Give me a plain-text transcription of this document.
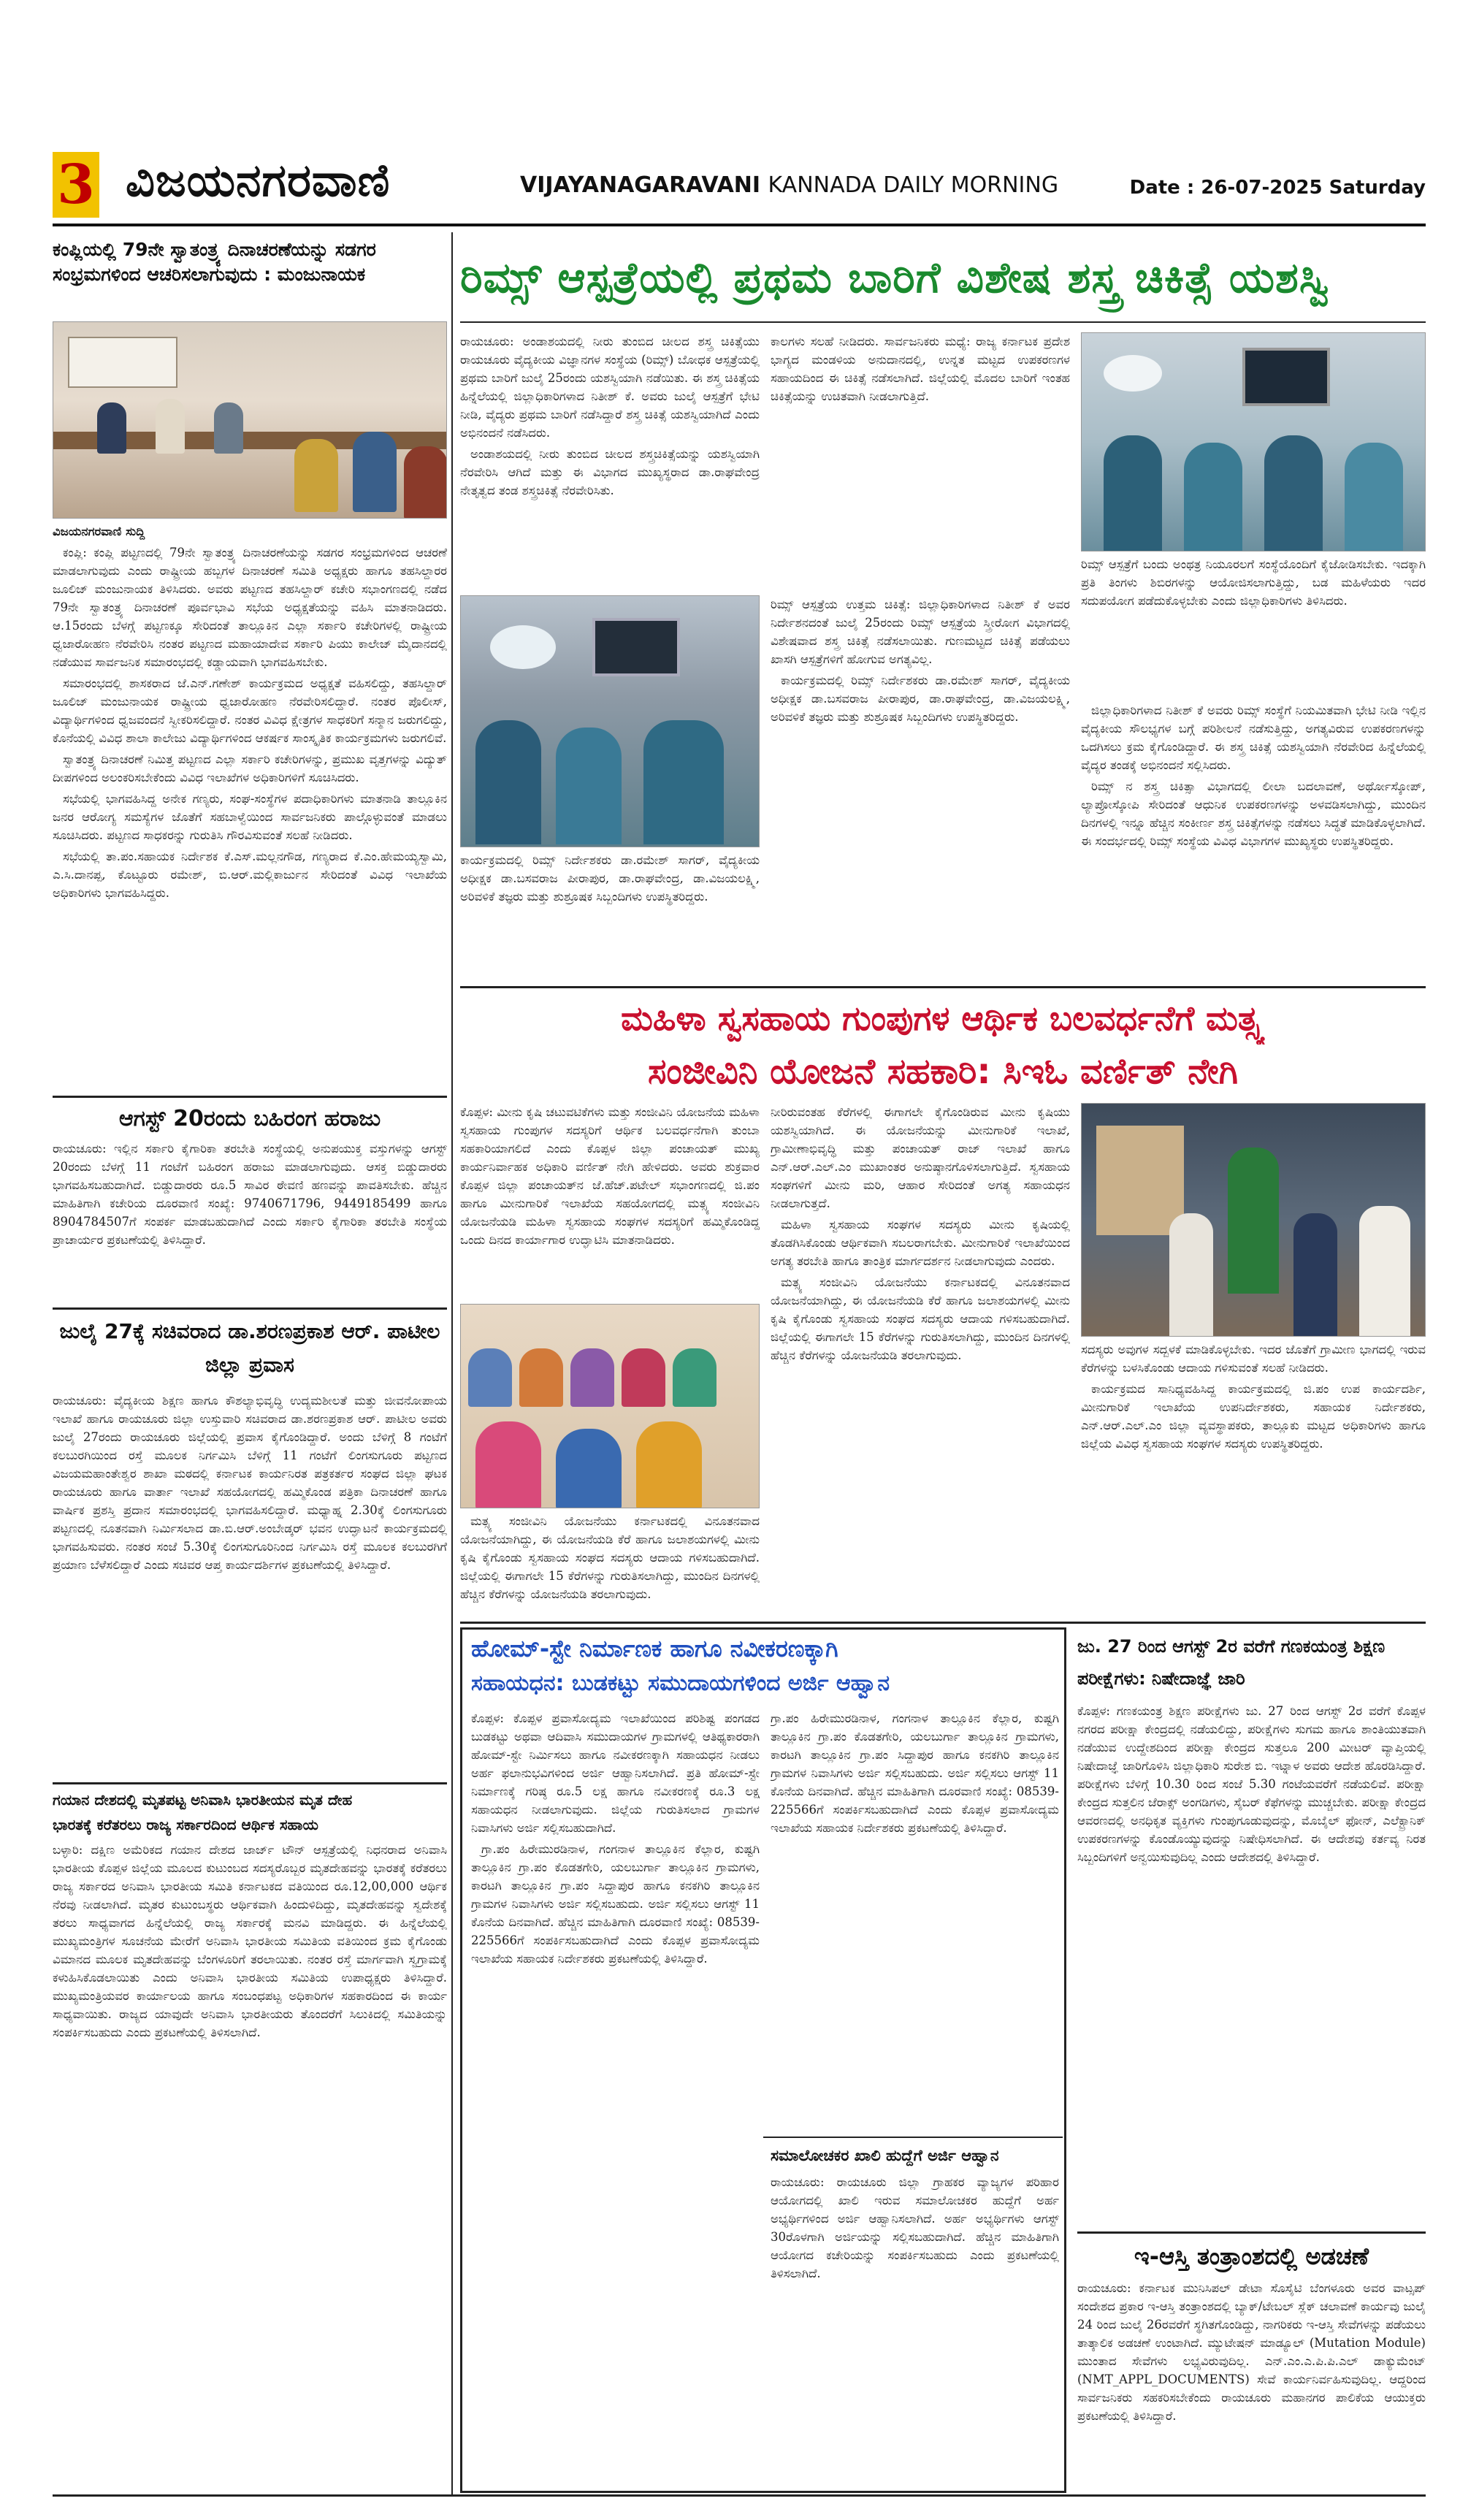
3 ವಿಜಯನಗರವಾಣಿ	VIJAYANAGARAVANI KANNADA DAILY MORNING	Date : 26-07-2025 Saturday
ಕಂಪ್ಲಿಯಲ್ಲಿ 79ನೇ ಸ್ವಾತಂತ್ರ್ಯ ದಿನಾಚರಣೆಯನ್ನು ಸಡಗರ ಸಂಭ್ರಮಗಳಿಂದ ಆಚರಿಸಲಾಗುವುದು : ಮಂಜುನಾಯಕ

ವಿಜಯನಗರವಾಣಿ ಸುದ್ದಿ

ಕಂಪ್ಲಿ: ಕಂಪ್ಲಿ ಪಟ್ಟಣದಲ್ಲಿ 79ನೇ ಸ್ವಾತಂತ್ರ್ಯ ದಿನಾಚರಣೆಯನ್ನು ಸಡಗರ ಸಂಭ್ರಮಗಳಿಂದ ಆಚರಣೆ ಮಾಡಲಾಗುವುದು ಎಂದು ರಾಷ್ಟ್ರೀಯ ಹಬ್ಬಗಳ ದಿನಾಚರಣೆ ಸಮಿತಿ ಅಧ್ಯಕ್ಷರು ಹಾಗೂ ತಹಸಿಲ್ದಾರರ ಜೂಲಿಜ್ ಮಂಜುನಾಯಕ ತಿಳಿಸಿದರು. ಅವರು ಪಟ್ಟಣದ ತಹಸಿಲ್ದಾರ್ ಕಚೇರಿ ಸಭಾಂಗಣದಲ್ಲಿ ನಡೆದ 79ನೇ ಸ್ವಾತಂತ್ರ್ಯ ದಿನಾಚರಣೆ ಪೂರ್ವಭಾವಿ ಸಭೆಯ ಅಧ್ಯಕ್ಷತೆಯನ್ನು ವಹಿಸಿ ಮಾತನಾಡಿದರು. ಆ.15ರಂದು ಬೆಳಗ್ಗೆ ಪಟ್ಟಣಕ್ಕೂ ಸೇರಿದಂತೆ ತಾಲ್ಲೂಕಿನ ಎಲ್ಲಾ ಸರ್ಕಾರಿ ಕಚೇರಿಗಳಲ್ಲಿ ರಾಷ್ಟ್ರೀಯ ಧ್ವಜಾರೋಹಣ ನೆರವೇರಿಸಿ ನಂತರ ಪಟ್ಟಣದ ಮಹಾಯಾದೇವ ಸರ್ಕಾರಿ ಪಿಯು ಕಾಲೇಜ್ ಮೈದಾನದಲ್ಲಿ ನಡೆಯುವ ಸಾರ್ವಜನಿಕ ಸಮಾರಂಭದಲ್ಲಿ ಕಡ್ಡಾಯವಾಗಿ ಭಾಗವಹಿಸಬೇಕು.

ಸಮಾರಂಭದಲ್ಲಿ ಶಾಸಕರಾದ ಜೆ.ಎನ್.ಗಣೇಶ್ ಕಾರ್ಯಕ್ರಮದ ಅಧ್ಯಕ್ಷತೆ ವಹಿಸಲಿದ್ದು, ತಹಸಿಲ್ದಾರ್ ಜೂಲಿಜ್ ಮಂಜುನಾಯಕ ರಾಷ್ಟ್ರೀಯ ಧ್ವಜಾರೋಹಣ ನೆರವೇರಿಸಲಿದ್ದಾರೆ. ನಂತರ ಪೊಲೀಸ್, ವಿದ್ಯಾರ್ಥಿಗಳಿಂದ ಧ್ವಜವಂದನೆ ಸ್ವೀಕರಿಸಲಿದ್ದಾರೆ. ನಂತರ ವಿವಿಧ ಕ್ಷೇತ್ರಗಳ ಸಾಧಕರಿಗೆ ಸನ್ಮಾನ ಜರುಗಲಿದ್ದು, ಕೊನೆಯಲ್ಲಿ ವಿವಿಧ ಶಾಲಾ ಕಾಲೇಜು ವಿದ್ಯಾರ್ಥಿಗಳಿಂದ ಆಕರ್ಷಕ ಸಾಂಸ್ಕೃತಿಕ ಕಾರ್ಯಕ್ರಮಗಳು ಜರುಗಲಿವೆ.

ಸ್ವಾತಂತ್ರ್ಯ ದಿನಾಚರಣೆ ನಿಮಿತ್ತ ಪಟ್ಟಣದ ಎಲ್ಲಾ ಸರ್ಕಾರಿ ಕಚೇರಿಗಳನ್ನು, ಪ್ರಮುಖ ವೃತ್ತಗಳನ್ನು ವಿದ್ಯುತ್ ದೀಪಗಳಿಂದ ಅಲಂಕರಿಸಬೇಕೆಂದು ವಿವಿಧ ಇಲಾಖೆಗಳ ಅಧಿಕಾರಿಗಳಿಗೆ ಸೂಚಿಸಿದರು.

ಸಭೆಯಲ್ಲಿ ಭಾಗವಹಿಸಿದ್ದ ಅನೇಕ ಗಣ್ಯರು, ಸಂಘ-ಸಂಸ್ಥೆಗಳ ಪದಾಧಿಕಾರಿಗಳು ಮಾತನಾಡಿ ತಾಲ್ಲೂಕಿನ ಜನರ ಆರೋಗ್ಯ ಸಮಸ್ಯೆಗಳ ಜೊತೆಗೆ ಸಹಬಾಳ್ವೆಯಿಂದ ಸಾರ್ವಜನಿಕರು ಪಾಲ್ಗೊಳ್ಳುವಂತೆ ಮಾಡಲು ಸೂಚಿಸಿದರು. ಪಟ್ಟಣದ ಸಾಧಕರನ್ನು ಗುರುತಿಸಿ ಗೌರವಿಸುವಂತೆ ಸಲಹೆ ನೀಡಿದರು.

ಸಭೆಯಲ್ಲಿ ತಾ.ಪಂ.ಸಹಾಯಕ ನಿರ್ದೇಶಕ ಕೆ.ಎಸ್.ಮಲ್ಲನಗೌಡ, ಗಣ್ಯರಾದ ಕೆ.ಎಂ.ಹೇಮಯ್ಯಸ್ವಾಮಿ, ಎ.ಸಿ.ದಾನಪ್ಪ, ಕೊಟ್ಟೂರು ರಮೇಶ್, ಬಿ.ಆರ್.ಮಲ್ಲಿಕಾರ್ಜುನ ಸೇರಿದಂತೆ ವಿವಿಧ ಇಲಾಖೆಯ ಅಧಿಕಾರಿಗಳು ಭಾಗವಹಿಸಿದ್ದರು.

ಆಗಸ್ಟ್ 20ರಂದು ಬಹಿರಂಗ ಹರಾಜು

ರಾಯಚೂರು: ಇಲ್ಲಿನ ಸರ್ಕಾರಿ ಕೈಗಾರಿಕಾ ತರಬೇತಿ ಸಂಸ್ಥೆಯಲ್ಲಿ ಅನುಪಯುಕ್ತ ವಸ್ತುಗಳನ್ನು ಆಗಸ್ಟ್ 20ರಂದು ಬೆಳಗ್ಗೆ 11 ಗಂಟೆಗೆ ಬಹಿರಂಗ ಹರಾಜು ಮಾಡಲಾಗುವುದು. ಆಸಕ್ತ ಬಿಡ್ಡುದಾರರು ಭಾಗವಹಿಸಬಹುದಾಗಿದೆ. ಬಿಡ್ಡುದಾರರು ರೂ.5 ಸಾವಿರ ಠೇವಣಿ ಹಣವನ್ನು ಪಾವತಿಸಬೇಕು. ಹೆಚ್ಚಿನ ಮಾಹಿತಿಗಾಗಿ ಕಚೇರಿಯ ದೂರವಾಣಿ ಸಂಖ್ಯೆ: 9740671796, 9449185499 ಹಾಗೂ 8904784507ಗೆ ಸಂಪರ್ಕ ಮಾಡಬಹುದಾಗಿದೆ ಎಂದು ಸರ್ಕಾರಿ ಕೈಗಾರಿಕಾ ತರಬೇತಿ ಸಂಸ್ಥೆಯ ಪ್ರಾಚಾರ್ಯರ ಪ್ರಕಟಣೆಯಲ್ಲಿ ತಿಳಿಸಿದ್ದಾರೆ.

ಜುಲೈ 27ಕ್ಕೆ ಸಚಿವರಾದ ಡಾ.ಶರಣಪ್ರಕಾಶ ಆರ್. ಪಾಟೀಲ ಜಿಲ್ಲಾ ಪ್ರವಾಸ

ರಾಯಚೂರು: ವೈದ್ಯಕೀಯ ಶಿಕ್ಷಣ ಹಾಗೂ ಕೌಶಲ್ಯಾಭಿವೃದ್ಧಿ ಉದ್ಯಮಶೀಲತೆ ಮತ್ತು ಜೀವನೋಪಾಯ ಇಲಾಖೆ ಹಾಗೂ ರಾಯಚೂರು ಜಿಲ್ಲಾ ಉಸ್ತುವಾರಿ ಸಚಿವರಾದ ಡಾ.ಶರಣಪ್ರಕಾಶ ಆರ್. ಪಾಟೀಲ ಅವರು ಜುಲೈ 27ರಂದು ರಾಯಚೂರು ಜಿಲ್ಲೆಯಲ್ಲಿ ಪ್ರವಾಸ ಕೈಗೊಂಡಿದ್ದಾರೆ. ಅಂದು ಬೆಳಿಗ್ಗೆ 8 ಗಂಟೆಗೆ ಕಲಬುರಗಿಯಿಂದ ರಸ್ತೆ ಮೂಲಕ ನಿರ್ಗಮಿಸಿ ಬೆಳಿಗ್ಗೆ 11 ಗಂಟೆಗೆ ಲಿಂಗಸುಗೂರು ಪಟ್ಟಣದ ವಿಜಯಮಹಾಂತೇಶ್ವರ ಶಾಖಾ ಮಠದಲ್ಲಿ ಕರ್ನಾಟಕ ಕಾರ್ಯನಿರತ ಪತ್ರಕರ್ತರ ಸಂಘದ ಜಿಲ್ಲಾ ಘಟಕ ರಾಯಚೂರು ಹಾಗೂ ವಾರ್ತಾ ಇಲಾಖೆ ಸಹಯೋಗದಲ್ಲಿ ಹಮ್ಮಿಕೊಂಡ ಪತ್ರಿಕಾ ದಿನಾಚರಣೆ ಹಾಗೂ ವಾರ್ಷಿಕ ಪ್ರಶಸ್ತಿ ಪ್ರದಾನ ಸಮಾರಂಭದಲ್ಲಿ ಭಾಗವಹಿಸಲಿದ್ದಾರೆ. ಮಧ್ಯಾಹ್ನ 2.30ಕ್ಕೆ ಲಿಂಗಸುಗೂರು ಪಟ್ಟಣದಲ್ಲಿ ನೂತನವಾಗಿ ನಿರ್ಮಿಸಲಾದ ಡಾ.ಬಿ.ಆರ್.ಅಂಬೇಡ್ಕರ್ ಭವನ ಉದ್ಘಾಟನೆ ಕಾರ್ಯಕ್ರಮದಲ್ಲಿ ಭಾಗವಹಿಸುವರು. ನಂತರ ಸಂಜೆ 5.30ಕ್ಕೆ ಲಿಂಗಸುಗೂರಿನಿಂದ ನಿರ್ಗಮಿಸಿ ರಸ್ತೆ ಮೂಲಕ ಕಲಬುರಗಿಗೆ ಪ್ರಯಾಣ ಬೆಳೆಸಲಿದ್ದಾರೆ ಎಂದು ಸಚಿವರ ಆಪ್ತ ಕಾರ್ಯದರ್ಶಿಗಳ ಪ್ರಕಟಣೆಯಲ್ಲಿ ತಿಳಿಸಿದ್ದಾರೆ.

ಗಯಾನ ದೇಶದಲ್ಲಿ ಮೃತಪಟ್ಟ ಅನಿವಾಸಿ ಭಾರತೀಯನ ಮೃತ ದೇಹ
ಭಾರತಕ್ಕೆ ಕರೆತರಲು ರಾಜ್ಯ ಸರ್ಕಾರದಿಂದ ಆರ್ಥಿಕ ಸಹಾಯ

ಬಳ್ಳಾರಿ: ದಕ್ಷಿಣ ಅಮೆರಿಕದ ಗಯಾನ ದೇಶದ ಜಾರ್ಜ್ ಟೌನ್ ಆಸ್ಪತ್ರೆಯಲ್ಲಿ ನಿಧನರಾದ ಅನಿವಾಸಿ ಭಾರತೀಯ ಕೊಪ್ಪಳ ಜಿಲ್ಲೆಯ ಮೂಲದ ಕುಟುಂಬದ ಸದಸ್ಯರೊಬ್ಬರ ಮೃತದೇಹವನ್ನು ಭಾರತಕ್ಕೆ ಕರೆತರಲು ರಾಜ್ಯ ಸರ್ಕಾರದ ಅನಿವಾಸಿ ಭಾರತೀಯ ಸಮಿತಿ ಕರ್ನಾಟಕದ ವತಿಯಿಂದ ರೂ.12,00,000 ಆರ್ಥಿಕ ನೆರವು ನೀಡಲಾಗಿದೆ. ಮೃತರ ಕುಟುಂಬಸ್ಥರು ಆರ್ಥಿಕವಾಗಿ ಹಿಂದುಳಿದಿದ್ದು, ಮೃತದೇಹವನ್ನು ಸ್ವದೇಶಕ್ಕೆ ತರಲು ಸಾಧ್ಯವಾಗದ ಹಿನ್ನೆಲೆಯಲ್ಲಿ ರಾಜ್ಯ ಸರ್ಕಾರಕ್ಕೆ ಮನವಿ ಮಾಡಿದ್ದರು. ಈ ಹಿನ್ನೆಲೆಯಲ್ಲಿ ಮುಖ್ಯಮಂತ್ರಿಗಳ ಸೂಚನೆಯ ಮೇರೆಗೆ ಅನಿವಾಸಿ ಭಾರತೀಯ ಸಮಿತಿಯ ವತಿಯಿಂದ ಕ್ರಮ ಕೈಗೊಂಡು ವಿಮಾನದ ಮೂಲಕ ಮೃತದೇಹವನ್ನು ಬೆಂಗಳೂರಿಗೆ ತರಲಾಯಿತು. ನಂತರ ರಸ್ತೆ ಮಾರ್ಗವಾಗಿ ಸ್ವಗ್ರಾಮಕ್ಕೆ ಕಳುಹಿಸಿಕೊಡಲಾಯಿತು ಎಂದು ಅನಿವಾಸಿ ಭಾರತೀಯ ಸಮಿತಿಯ ಉಪಾಧ್ಯಕ್ಷರು ತಿಳಿಸಿದ್ದಾರೆ. ಮುಖ್ಯಮಂತ್ರಿಯವರ ಕಾರ್ಯಾಲಯ ಹಾಗೂ ಸಂಬಂಧಪಟ್ಟ ಅಧಿಕಾರಿಗಳ ಸಹಕಾರದಿಂದ ಈ ಕಾರ್ಯ ಸಾಧ್ಯವಾಯಿತು. ರಾಜ್ಯದ ಯಾವುದೇ ಅನಿವಾಸಿ ಭಾರತೀಯರು ತೊಂದರೆಗೆ ಸಿಲುಕಿದಲ್ಲಿ ಸಮಿತಿಯನ್ನು ಸಂಪರ್ಕಿಸಬಹುದು ಎಂದು ಪ್ರಕಟಣೆಯಲ್ಲಿ ತಿಳಿಸಲಾಗಿದೆ.

ರಿಮ್ಸ್ ಆಸ್ಪತ್ರೆಯಲ್ಲಿ ಪ್ರಥಮ ಬಾರಿಗೆ ವಿಶೇಷ ಶಸ್ತ್ರ ಚಿಕಿತ್ಸೆ ಯಶಸ್ವಿ

ರಾಯಚೂರು: ಅಂಡಾಶಯದಲ್ಲಿ ನೀರು ತುಂಬಿದ ಚೀಲದ ಶಸ್ತ್ರ ಚಿಕಿತ್ಸೆಯು ರಾಯಚೂರು ವೈದ್ಯಕೀಯ ವಿಜ್ಞಾನಗಳ ಸಂಸ್ಥೆಯ (ರಿಮ್ಸ್) ಬೋಧಕ ಆಸ್ಪತ್ರೆಯಲ್ಲಿ ಪ್ರಥಮ ಬಾರಿಗೆ ಜುಲೈ 25ರಂದು ಯಶಸ್ವಿಯಾಗಿ ನಡೆಯಿತು. ಈ ಶಸ್ತ್ರ ಚಿಕಿತ್ಸೆಯ ಹಿನ್ನೆಲೆಯಲ್ಲಿ ಜಿಲ್ಲಾಧಿಕಾರಿಗಳಾದ ನಿತೀಶ್ ಕೆ. ಅವರು ಜುಲೈ ಆಸ್ಪತ್ರೆಗೆ ಭೇಟಿ ನೀಡಿ, ವೈದ್ಯರು ಪ್ರಥಮ ಬಾರಿಗೆ ನಡೆಸಿದ್ದಾರೆ ಶಸ್ತ್ರ ಚಿಕಿತ್ಸೆ ಯಶಸ್ವಿಯಾಗಿದೆ ಎಂದು ಅಭಿನಂದನೆ ನಡೆಸಿದರು.

ಅಂಡಾಶಯದಲ್ಲಿ ನೀರು ತುಂಬಿದ ಚೀಲದ ಶಸ್ತ್ರಚಿಕಿತ್ಸೆಯನ್ನು ಯಶಸ್ವಿಯಾಗಿ ನೆರವೇರಿಸಿ ಆಗಿದೆ ಮತ್ತು ಈ ವಿಭಾಗದ ಮುಖ್ಯಸ್ಥರಾದ ಡಾ.ರಾಘವೇಂದ್ರ ನೇತೃತ್ವದ ತಂಡ ಶಸ್ತ್ರಚಿಕಿತ್ಸೆ ನೆರವೇರಿಸಿತು.

ಕಾಲಗಳು ಸಲಹೆ ನೀಡಿದರು. ಸಾರ್ವಜನಿಕರು ಮಧ್ಯೆ: ರಾಜ್ಯ ಕರ್ನಾಟಕ ಪ್ರದೇಶ ಭಾಗ್ಯದ ಮಂಡಳಿಯ ಅನುದಾನದಲ್ಲಿ, ಉನ್ನತ ಮಟ್ಟದ ಉಪಕರಣಗಳ ಸಹಾಯದಿಂದ ಈ ಚಿಕಿತ್ಸೆ ನಡೆಸಲಾಗಿದೆ. ಜಿಲ್ಲೆಯಲ್ಲಿ ಮೊದಲ ಬಾರಿಗೆ ಇಂತಹ ಚಿಕಿತ್ಸೆಯನ್ನು ಉಚಿತವಾಗಿ ನೀಡಲಾಗುತ್ತಿದೆ.

ರಿಮ್ಸ್ ಆಸ್ಪತ್ರೆಯ ಉತ್ತಮ ಚಿಕಿತ್ಸೆ: ಜಿಲ್ಲಾಧಿಕಾರಿಗಳಾದ ನಿತೀಶ್ ಕೆ ಅವರ ನಿರ್ದೇಶನದಂತೆ ಜುಲೈ 25ರಂದು ರಿಮ್ಸ್ ಆಸ್ಪತ್ರೆಯ ಸ್ತ್ರೀರೋಗ ವಿಭಾಗದಲ್ಲಿ ವಿಶೇಷವಾದ ಶಸ್ತ್ರ ಚಿಕಿತ್ಸೆ ನಡೆಸಲಾಯಿತು. ಗುಣಮಟ್ಟದ ಚಿಕಿತ್ಸೆ ಪಡೆಯಲು ಖಾಸಗಿ ಆಸ್ಪತ್ರೆಗಳಿಗೆ ಹೋಗುವ ಅಗತ್ಯವಿಲ್ಲ.

ಕಾರ್ಯಕ್ರಮದಲ್ಲಿ ರಿಮ್ಸ್ ನಿರ್ದೇಶಕರು ಡಾ.ರಮೇಶ್ ಸಾಗರ್, ವೈದ್ಯಕೀಯ ಅಧೀಕ್ಷಕ ಡಾ.ಬಸವರಾಜ ಪೀರಾಪುರ, ಡಾ.ರಾಘವೇಂದ್ರ, ಡಾ.ವಿಜಯಲಕ್ಷ್ಮಿ, ಅರಿವಳಿಕೆ ತಜ್ಞರು ಮತ್ತು ಶುಶ್ರೂಷಕ ಸಿಬ್ಬಂದಿಗಳು ಉಪಸ್ಥಿತರಿದ್ದರು.

ಕಾರ್ಯಕ್ರಮದಲ್ಲಿ ರಿಮ್ಸ್ ನಿರ್ದೇಶಕರು ಡಾ.ರಮೇಶ್ ಸಾಗರ್, ವೈದ್ಯಕೀಯ ಅಧೀಕ್ಷಕ ಡಾ.ಬಸವರಾಜ ಪೀರಾಪುರ, ಡಾ.ರಾಘವೇಂದ್ರ, ಡಾ.ವಿಜಯಲಕ್ಷ್ಮಿ, ಅರಿವಳಿಕೆ ತಜ್ಞರು ಮತ್ತು ಶುಶ್ರೂಷಕ ಸಿಬ್ಬಂದಿಗಳು ಉಪಸ್ಥಿತರಿದ್ದರು.

ರಿಮ್ಸ್ ಆಸ್ಪತ್ರೆಗೆ ಬಂದು ಅಂಥತ್ರ ನಿಯೂರಲಗೆ ಸಂಸ್ಥೆಯೊಂದಿಗೆ ಕೈಜೋಡಿಸಬೇಕು. ಇದಕ್ಕಾಗಿ ಪ್ರತಿ ತಿಂಗಳು ಶಿಬಿರಗಳನ್ನು ಆಯೋಜಿಸಲಾಗುತ್ತಿದ್ದು, ಬಡ ಮಹಿಳೆಯರು ಇದರ ಸದುಪಯೋಗ ಪಡೆದುಕೊಳ್ಳಬೇಕು ಎಂದು ಜಿಲ್ಲಾಧಿಕಾರಿಗಳು ತಿಳಿಸಿದರು.

ಜಿಲ್ಲಾಧಿಕಾರಿಗಳಾದ ನಿತೀಶ್ ಕೆ ಅವರು ರಿಮ್ಸ್ ಸಂಸ್ಥೆಗೆ ನಿಯಮಿತವಾಗಿ ಭೇಟಿ ನೀಡಿ ಇಲ್ಲಿನ ವೈದ್ಯಕೀಯ ಸೌಲಭ್ಯಗಳ ಬಗ್ಗೆ ಪರಿಶೀಲನೆ ನಡೆಸುತ್ತಿದ್ದು, ಅಗತ್ಯವಿರುವ ಉಪಕರಣಗಳನ್ನು ಒದಗಿಸಲು ಕ್ರಮ ಕೈಗೊಂಡಿದ್ದಾರೆ. ಈ ಶಸ್ತ್ರ ಚಿಕಿತ್ಸೆ ಯಶಸ್ವಿಯಾಗಿ ನೆರವೇರಿದ ಹಿನ್ನೆಲೆಯಲ್ಲಿ ವೈದ್ಯರ ತಂಡಕ್ಕೆ ಅಭಿನಂದನೆ ಸಲ್ಲಿಸಿದರು.

ರಿಮ್ಸ್ ನ ಶಸ್ತ್ರ ಚಿಕಿತ್ಸಾ ವಿಭಾಗದಲ್ಲಿ ಲೀಲಾ ಬದಲಾವಣೆ, ಅರ್ಥೋಸ್ಕೋಪ್, ಲ್ಯಾಪ್ರೋಸ್ಕೋಪಿ ಸೇರಿದಂತೆ ಆಧುನಿಕ ಉಪಕರಣಗಳನ್ನು ಅಳವಡಿಸಲಾಗಿದ್ದು, ಮುಂದಿನ ದಿನಗಳಲ್ಲಿ ಇನ್ನೂ ಹೆಚ್ಚಿನ ಸಂಕೀರ್ಣ ಶಸ್ತ್ರ ಚಿಕಿತ್ಸೆಗಳನ್ನು ನಡೆಸಲು ಸಿದ್ಧತೆ ಮಾಡಿಕೊಳ್ಳಲಾಗಿದೆ. ಈ ಸಂದರ್ಭದಲ್ಲಿ ರಿಮ್ಸ್ ಸಂಸ್ಥೆಯ ವಿವಿಧ ವಿಭಾಗಗಳ ಮುಖ್ಯಸ್ಥರು ಉಪಸ್ಥಿತರಿದ್ದರು.

ಮಹಿಳಾ ಸ್ವಸಹಾಯ ಗುಂಪುಗಳ ಆರ್ಥಿಕ ಬಲವರ್ಧನೆಗೆ ಮತ್ಸ್ಯ
ಸಂಜೀವಿನಿ ಯೋಜನೆ ಸಹಕಾರಿ: ಸಿಇಓ ವರ್ಣಿತ್ ನೇಗಿ

ಕೊಪ್ಪಳ: ಮೀನು ಕೃಷಿ ಚಟುವಟಿಕೆಗಳು ಮತ್ತು ಸಂಜೀವಿನಿ ಯೋಜನೆಯ ಮಹಿಳಾ ಸ್ವಸಹಾಯ ಗುಂಪುಗಳ ಸದಸ್ಯರಿಗೆ ಆರ್ಥಿಕ ಬಲವರ್ಧನೆಗಾಗಿ ತುಂಬಾ ಸಹಕಾರಿಯಾಗಲಿದೆ ಎಂದು ಕೊಪ್ಪಳ ಜಿಲ್ಲಾ ಪಂಚಾಯತ್ ಮುಖ್ಯ ಕಾರ್ಯನಿರ್ವಾಹಕ ಅಧಿಕಾರಿ ವರ್ಣಿತ್ ನೇಗಿ ಹೇಳಿದರು. ಅವರು ಶುಕ್ರವಾರ ಕೊಪ್ಪಳ ಜಿಲ್ಲಾ ಪಂಚಾಯತ್‌ನ ಜೆ.ಹೆಚ್.ಪಟೇಲ್ ಸಭಾಂಗಣದಲ್ಲಿ ಜಿ.ಪಂ ಹಾಗೂ ಮೀನುಗಾರಿಕೆ ಇಲಾಖೆಯ ಸಹಯೋಗದಲ್ಲಿ ಮತ್ಸ್ಯ ಸಂಜೀವಿನಿ ಯೋಜನೆಯಡಿ ಮಹಿಳಾ ಸ್ವಸಹಾಯ ಸಂಘಗಳ ಸದಸ್ಯರಿಗೆ ಹಮ್ಮಿಕೊಂಡಿದ್ದ ಒಂದು ದಿನದ ಕಾರ್ಯಾಗಾರ ಉದ್ಘಾಟಿಸಿ ಮಾತನಾಡಿದರು.

ಮತ್ಸ್ಯ ಸಂಜೀವಿನಿ ಯೋಜನೆಯು ಕರ್ನಾಟಕದಲ್ಲಿ ವಿನೂತನವಾದ ಯೋಜನೆಯಾಗಿದ್ದು, ಈ ಯೋಜನೆಯಡಿ ಕೆರೆ ಹಾಗೂ ಜಲಾಶಯಗಳಲ್ಲಿ ಮೀನು ಕೃಷಿ ಕೈಗೊಂಡು ಸ್ವಸಹಾಯ ಸಂಘದ ಸದಸ್ಯರು ಆದಾಯ ಗಳಿಸಬಹುದಾಗಿದೆ. ಜಿಲ್ಲೆಯಲ್ಲಿ ಈಗಾಗಲೇ 15 ಕೆರೆಗಳನ್ನು ಗುರುತಿಸಲಾಗಿದ್ದು, ಮುಂದಿನ ದಿನಗಳಲ್ಲಿ ಹೆಚ್ಚಿನ ಕೆರೆಗಳನ್ನು ಯೋಜನೆಯಡಿ ತರಲಾಗುವುದು.

ನೀರಿರುವಂತಹ ಕೆರೆಗಳಲ್ಲಿ ಈಗಾಗಲೇ ಕೈಗೊಂಡಿರುವ ಮೀನು ಕೃಷಿಯು ಯಶಸ್ವಿಯಾಗಿದೆ. ಈ ಯೋಜನೆಯನ್ನು ಮೀನುಗಾರಿಕೆ ಇಲಾಖೆ, ಗ್ರಾಮೀಣಾಭಿವೃದ್ಧಿ ಮತ್ತು ಪಂಚಾಯತ್ ರಾಜ್ ಇಲಾಖೆ ಹಾಗೂ ಎನ್.ಆರ್.ಎಲ್.ಎಂ ಮುಖಾಂತರ ಅನುಷ್ಠಾನಗೊಳಿಸಲಾಗುತ್ತಿದೆ. ಸ್ವಸಹಾಯ ಸಂಘಗಳಿಗೆ ಮೀನು ಮರಿ, ಆಹಾರ ಸೇರಿದಂತೆ ಅಗತ್ಯ ಸಹಾಯಧನ ನೀಡಲಾಗುತ್ತದೆ.

ಮಹಿಳಾ ಸ್ವಸಹಾಯ ಸಂಘಗಳ ಸದಸ್ಯರು ಮೀನು ಕೃಷಿಯಲ್ಲಿ ತೊಡಗಿಸಿಕೊಂಡು ಆರ್ಥಿಕವಾಗಿ ಸಬಲರಾಗಬೇಕು. ಮೀನುಗಾರಿಕೆ ಇಲಾಖೆಯಿಂದ ಅಗತ್ಯ ತರಬೇತಿ ಹಾಗೂ ತಾಂತ್ರಿಕ ಮಾರ್ಗದರ್ಶನ ನೀಡಲಾಗುವುದು ಎಂದರು.

ಮತ್ಸ್ಯ ಸಂಜೀವಿನಿ ಯೋಜನೆಯು ಕರ್ನಾಟಕದಲ್ಲಿ ವಿನೂತನವಾದ ಯೋಜನೆಯಾಗಿದ್ದು, ಈ ಯೋಜನೆಯಡಿ ಕೆರೆ ಹಾಗೂ ಜಲಾಶಯಗಳಲ್ಲಿ ಮೀನು ಕೃಷಿ ಕೈಗೊಂಡು ಸ್ವಸಹಾಯ ಸಂಘದ ಸದಸ್ಯರು ಆದಾಯ ಗಳಿಸಬಹುದಾಗಿದೆ. ಜಿಲ್ಲೆಯಲ್ಲಿ ಈಗಾಗಲೇ 15 ಕೆರೆಗಳನ್ನು ಗುರುತಿಸಲಾಗಿದ್ದು, ಮುಂದಿನ ದಿನಗಳಲ್ಲಿ ಹೆಚ್ಚಿನ ಕೆರೆಗಳನ್ನು ಯೋಜನೆಯಡಿ ತರಲಾಗುವುದು.	ಸದಸ್ಯರು ಅವುಗಳ ಸದ್ಬಳಕೆ ಮಾಡಿಕೊಳ್ಳಬೇಕು. ಇದರ ಜೊತೆಗೆ ಗ್ರಾಮೀಣ ಭಾಗದಲ್ಲಿ ಇರುವ ಕೆರೆಗಳನ್ನು ಬಳಸಿಕೊಂಡು ಆದಾಯ ಗಳಿಸುವಂತೆ ಸಲಹೆ ನೀಡಿದರು.

ಕಾರ್ಯಕ್ರಮದ ಸಾನಿಧ್ಯವಹಿಸಿದ್ದ ಕಾರ್ಯಕ್ರಮದಲ್ಲಿ ಜಿ.ಪಂ ಉಪ ಕಾರ್ಯದರ್ಶಿ, ಮೀನುಗಾರಿಕೆ ಇಲಾಖೆಯ ಉಪನಿರ್ದೇಶಕರು, ಸಹಾಯಕ ನಿರ್ದೇಶಕರು, ಎನ್.ಆರ್.ಎಲ್.ಎಂ ಜಿಲ್ಲಾ ವ್ಯವಸ್ಥಾಪಕರು, ತಾಲ್ಲೂಕು ಮಟ್ಟದ ಅಧಿಕಾರಿಗಳು ಹಾಗೂ ಜಿಲ್ಲೆಯ ವಿವಿಧ ಸ್ವಸಹಾಯ ಸಂಘಗಳ ಸದಸ್ಯರು ಉಪಸ್ಥಿತರಿದ್ದರು.

ಹೋಮ್-ಸ್ಟೇ ನಿರ್ಮಾಣಕ ಹಾಗೂ ನವೀಕರಣಕ್ಕಾಗಿ
ಸಹಾಯಧನ: ಬುಡಕಟ್ಟು ಸಮುದಾಯಗಳಿಂದ ಅರ್ಜಿ ಆಹ್ವಾನ

ಕೊಪ್ಪಳ: ಕೊಪ್ಪಳ ಪ್ರವಾಸೋದ್ಯಮ ಇಲಾಖೆಯಿಂದ ಪರಿಶಿಷ್ಟ ಪಂಗಡದ ಬುಡಕಟ್ಟು ಅಥವಾ ಆದಿವಾಸಿ ಸಮುದಾಯಗಳ ಗ್ರಾಮಗಳಲ್ಲಿ ಆತಿಥ್ಯಕಾರರಾಗಿ ಹೋಮ್-ಸ್ಟೇ ನಿರ್ಮಿಸಲು ಹಾಗೂ ನವೀಕರಣಕ್ಕಾಗಿ ಸಹಾಯಧನ ನೀಡಲು ಅರ್ಹ ಫಲಾನುಭವಿಗಳಿಂದ ಅರ್ಜಿ ಆಹ್ವಾನಿಸಲಾಗಿದೆ. ಪ್ರತಿ ಹೋಮ್-ಸ್ಟೇ ನಿರ್ಮಾಣಕ್ಕೆ ಗರಿಷ್ಠ ರೂ.5 ಲಕ್ಷ ಹಾಗೂ ನವೀಕರಣಕ್ಕೆ ರೂ.3 ಲಕ್ಷ ಸಹಾಯಧನ ನೀಡಲಾಗುವುದು. ಜಿಲ್ಲೆಯ ಗುರುತಿಸಲಾದ ಗ್ರಾಮಗಳ ನಿವಾಸಿಗಳು ಅರ್ಜಿ ಸಲ್ಲಿಸಬಹುದಾಗಿದೆ.

ಗ್ರಾ.ಪಂ ಹಿರೇಮುರಡಿನಾಳ, ಗಂಗನಾಳ ತಾಲ್ಲೂಕಿನ ಕೆಲ್ಲಾರ, ಕುಷ್ಟಗಿ ತಾಲ್ಲೂಕಿನ ಗ್ರಾ.ಪಂ ಕೊಡತಗೇರಿ, ಯಲಬುರ್ಗಾ ತಾಲ್ಲೂಕಿನ ಗ್ರಾಮಗಳು, ಕಾರಟಗಿ ತಾಲ್ಲೂಕಿನ ಗ್ರಾ.ಪಂ ಸಿದ್ದಾಪುರ ಹಾಗೂ ಕನಕಗಿರಿ ತಾಲ್ಲೂಕಿನ ಗ್ರಾಮಗಳ ನಿವಾಸಿಗಳು ಅರ್ಜಿ ಸಲ್ಲಿಸಬಹುದು. ಅರ್ಜಿ ಸಲ್ಲಿಸಲು ಆಗಸ್ಟ್ 11 ಕೊನೆಯ ದಿನವಾಗಿದೆ. ಹೆಚ್ಚಿನ ಮಾಹಿತಿಗಾಗಿ ದೂರವಾಣಿ ಸಂಖ್ಯೆ: 08539-225566ಗೆ ಸಂಪರ್ಕಿಸಬಹುದಾಗಿದೆ ಎಂದು ಕೊಪ್ಪಳ ಪ್ರವಾಸೋದ್ಯಮ ಇಲಾಖೆಯ ಸಹಾಯಕ ನಿರ್ದೇಶಕರು ಪ್ರಕಟಣೆಯಲ್ಲಿ ತಿಳಿಸಿದ್ದಾರೆ.

ಗ್ರಾ.ಪಂ ಹಿರೇಮುರಡಿನಾಳ, ಗಂಗನಾಳ ತಾಲ್ಲೂಕಿನ ಕೆಲ್ಲಾರ, ಕುಷ್ಟಗಿ ತಾಲ್ಲೂಕಿನ ಗ್ರಾ.ಪಂ ಕೊಡತಗೇರಿ, ಯಲಬುರ್ಗಾ ತಾಲ್ಲೂಕಿನ ಗ್ರಾಮಗಳು, ಕಾರಟಗಿ ತಾಲ್ಲೂಕಿನ ಗ್ರಾ.ಪಂ ಸಿದ್ದಾಪುರ ಹಾಗೂ ಕನಕಗಿರಿ ತಾಲ್ಲೂಕಿನ ಗ್ರಾಮಗಳ ನಿವಾಸಿಗಳು ಅರ್ಜಿ ಸಲ್ಲಿಸಬಹುದು. ಅರ್ಜಿ ಸಲ್ಲಿಸಲು ಆಗಸ್ಟ್ 11 ಕೊನೆಯ ದಿನವಾಗಿದೆ. ಹೆಚ್ಚಿನ ಮಾಹಿತಿಗಾಗಿ ದೂರವಾಣಿ ಸಂಖ್ಯೆ: 08539-225566ಗೆ ಸಂಪರ್ಕಿಸಬಹುದಾಗಿದೆ ಎಂದು ಕೊಪ್ಪಳ ಪ್ರವಾಸೋದ್ಯಮ ಇಲಾಖೆಯ ಸಹಾಯಕ ನಿರ್ದೇಶಕರು ಪ್ರಕಟಣೆಯಲ್ಲಿ ತಿಳಿಸಿದ್ದಾರೆ.

ಸಮಾಲೋಚಕರ ಖಾಲಿ ಹುದ್ದೆಗೆ ಅರ್ಜಿ ಆಹ್ವಾನ

ರಾಯಚೂರು: ರಾಯಚೂರು ಜಿಲ್ಲಾ ಗ್ರಾಹಕರ ವ್ಯಾಜ್ಯಗಳ ಪರಿಹಾರ ಆಯೋಗದಲ್ಲಿ ಖಾಲಿ ಇರುವ ಸಮಾಲೋಚಕರ ಹುದ್ದೆಗೆ ಅರ್ಹ ಅಭ್ಯರ್ಥಿಗಳಿಂದ ಅರ್ಜಿ ಆಹ್ವಾನಿಸಲಾಗಿದೆ. ಅರ್ಹ ಅಭ್ಯರ್ಥಿಗಳು ಆಗಸ್ಟ್ 30ರೊಳಗಾಗಿ ಅರ್ಜಿಯನ್ನು ಸಲ್ಲಿಸಬಹುದಾಗಿದೆ. ಹೆಚ್ಚಿನ ಮಾಹಿತಿಗಾಗಿ ಆಯೋಗದ ಕಚೇರಿಯನ್ನು ಸಂಪರ್ಕಿಸಬಹುದು ಎಂದು ಪ್ರಕಟಣೆಯಲ್ಲಿ ತಿಳಿಸಲಾಗಿದೆ.

ಜು. 27 ರಿಂದ ಆಗಸ್ಟ್ 2ರ ವರೆಗೆ ಗಣಕಯಂತ್ರ ಶಿಕ್ಷಣ ಪರೀಕ್ಷೆಗಳು: ನಿಷೇದಾಜ್ಞೆ ಜಾರಿ

ಕೊಪ್ಪಳ: ಗಣಕಯಂತ್ರ ಶಿಕ್ಷಣ ಪರೀಕ್ಷೆಗಳು ಜು. 27 ರಿಂದ ಆಗಸ್ಟ್ 2ರ ವರೆಗೆ ಕೊಪ್ಪಳ ನಗರದ ಪರೀಕ್ಷಾ ಕೇಂದ್ರದಲ್ಲಿ ನಡೆಯಲಿದ್ದು, ಪರೀಕ್ಷೆಗಳು ಸುಗಮ ಹಾಗೂ ಶಾಂತಿಯುತವಾಗಿ ನಡೆಯುವ ಉದ್ದೇಶದಿಂದ ಪರೀಕ್ಷಾ ಕೇಂದ್ರದ ಸುತ್ತಲೂ 200 ಮೀಟರ್ ವ್ಯಾಪ್ತಿಯಲ್ಲಿ ನಿಷೇದಾಜ್ಞೆ ಜಾರಿಗೊಳಿಸಿ ಜಿಲ್ಲಾಧಿಕಾರಿ ಸುರೇಶ ಬಿ. ಇಟ್ನಾಳ ಅವರು ಆದೇಶ ಹೊರಡಿಸಿದ್ದಾರೆ. ಪರೀಕ್ಷೆಗಳು ಬೆಳಿಗ್ಗೆ 10.30 ರಿಂದ ಸಂಜೆ 5.30 ಗಂಟೆಯವರೆಗೆ ನಡೆಯಲಿವೆ. ಪರೀಕ್ಷಾ ಕೇಂದ್ರದ ಸುತ್ತಲಿನ ಜೆರಾಕ್ಸ್ ಅಂಗಡಿಗಳು, ಸೈಬರ್ ಕೆಫೆಗಳನ್ನು ಮುಚ್ಚಬೇಕು. ಪರೀಕ್ಷಾ ಕೇಂದ್ರದ ಆವರಣದಲ್ಲಿ ಅನಧಿಕೃತ ವ್ಯಕ್ತಿಗಳು ಗುಂಪುಗೂಡುವುದನ್ನು, ಮೊಬೈಲ್ ಫೋನ್, ಎಲೆಕ್ಟ್ರಾನಿಕ್ ಉಪಕರಣಗಳನ್ನು ಕೊಂಡೊಯ್ಯುವುದನ್ನು ನಿಷೇಧಿಸಲಾಗಿದೆ. ಈ ಆದೇಶವು ಕರ್ತವ್ಯ ನಿರತ ಸಿಬ್ಬಂದಿಗಳಿಗೆ ಅನ್ವಯಿಸುವುದಿಲ್ಲ ಎಂದು ಆದೇಶದಲ್ಲಿ ತಿಳಿಸಿದ್ದಾರೆ.

ಇ-ಆಸ್ತಿ ತಂತ್ರಾಂಶದಲ್ಲಿ ಅಡಚಣೆ

ರಾಯಚೂರು: ಕರ್ನಾಟಕ ಮುನಿಸಿಪಲ್ ಡೇಟಾ ಸೊಸೈಟಿ ಬೆಂಗಳೂರು ಅವರ ವಾಟ್ಸಪ್ ಸಂದೇಶದ ಪ್ರಕಾರ ಇ-ಆಸ್ತಿ ತಂತ್ರಾಂಶದಲ್ಲಿ ಬ್ಯಾಕ್/ಟೇಬಲ್ ಸ್ಲೆಕ್ ಚಲಾವಣೆ ಕಾರ್ಯವು ಜುಲೈ 24 ರಿಂದ ಜುಲೈ 26ರವರೆಗೆ ಸ್ಥಗಿತಗೊಂಡಿದ್ದು, ನಾಗರಿಕರು ಇ-ಆಸ್ತಿ ಸೇವೆಗಳನ್ನು ಪಡೆಯಲು ತಾತ್ಕಾಲಿಕ ಅಡಚಣೆ ಉಂಟಾಗಿದೆ. ಮ್ಯುಟೇಷನ್ ಮಾಡ್ಯೂಲ್ (Mutation Module) ಮುಂತಾದ ಸೇವೆಗಳು ಲಭ್ಯವಿರುವುದಿಲ್ಲ. ಎನ್.ಎಂ.ಎ.ಪಿ.ಪಿ.ಎಲ್ ಡಾಕ್ಯುಮೆಂಟ್ (NMT_APPL_DOCUMENTS) ಸೇವೆ ಕಾರ್ಯನಿರ್ವಹಿಸುವುದಿಲ್ಲ. ಆದ್ದರಿಂದ ಸಾರ್ವಜನಿಕರು ಸಹಕರಿಸಬೇಕೆಂದು ರಾಯಚೂರು ಮಹಾನಗರ ಪಾಲಿಕೆಯ ಆಯುಕ್ತರು ಪ್ರಕಟಣೆಯಲ್ಲಿ ತಿಳಿಸಿದ್ದಾರೆ.
